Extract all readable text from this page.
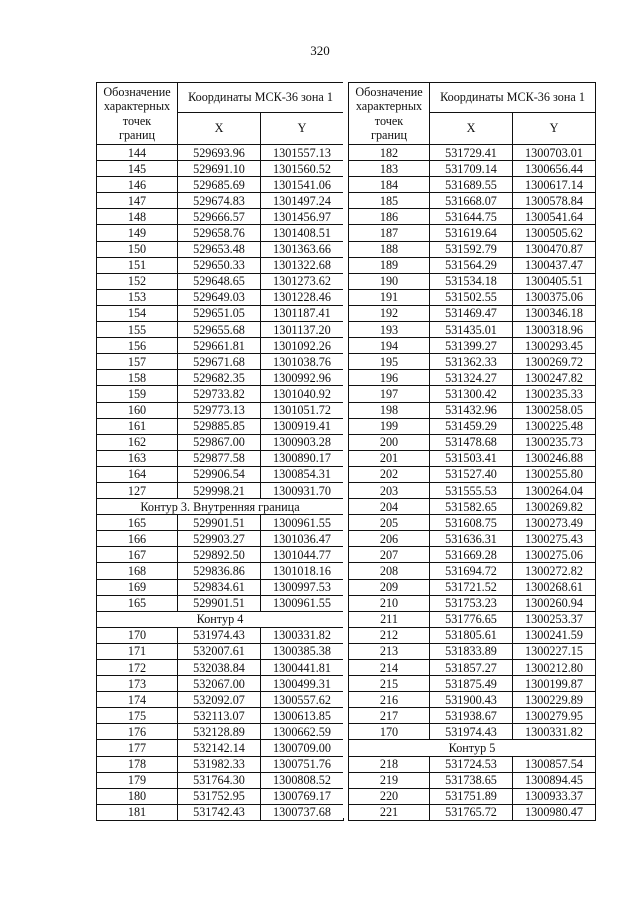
320
Обозначение
характерных
точек
границ	Координаты МСК-36 зона 1	
	X	Y
144	529693.96	1301557.13
145	529691.10	1301560.52
146	529685.69	1301541.06
147	529674.83	1301497.24
148	529666.57	1301456.97
149	529658.76	1301408.51
150	529653.48	1301363.66
151	529650.33	1301322.68
152	529648.65	1301273.62
153	529649.03	1301228.46
154	529651.05	1301187.41
155	529655.68	1301137.20
156	529661.81	1301092.26
157	529671.68	1301038.76
158	529682.35	1300992.96
159	529733.82	1301040.92
160	529773.13	1301051.72
161	529885.85	1300919.41
162	529867.00	1300903.28
163	529877.58	1300890.17
164	529906.54	1300854.31
127	529998.21	1300931.70
Контур 3. Внутренняя граница		
165	529901.51	1300961.55
166	529903.27	1301036.47
167	529892.50	1301044.77
168	529836.86	1301018.16
169	529834.61	1300997.53
165	529901.51	1300961.55
Контур 4		
170	531974.43	1300331.82
171	532007.61	1300385.38
172	532038.84	1300441.81
173	532067.00	1300499.31
174	532092.07	1300557.62
175	532113.07	1300613.85
176	532128.89	1300662.59
177	532142.14	1300709.00
178	531982.33	1300751.76
179	531764.30	1300808.52
180	531752.95	1300769.17
181	531742.43	1300737.68
Обозначение
характерных
точек
границ	Координаты МСК-36 зона 1	
	X	Y
182	531729.41	1300703.01
183	531709.14	1300656.44
184	531689.55	1300617.14
185	531668.07	1300578.84
186	531644.75	1300541.64
187	531619.64	1300505.62
188	531592.79	1300470.87
189	531564.29	1300437.47
190	531534.18	1300405.51
191	531502.55	1300375.06
192	531469.47	1300346.18
193	531435.01	1300318.96
194	531399.27	1300293.45
195	531362.33	1300269.72
196	531324.27	1300247.82
197	531300.42	1300235.33
198	531432.96	1300258.05
199	531459.29	1300225.48
200	531478.68	1300235.73
201	531503.41	1300246.88
202	531527.40	1300255.80
203	531555.53	1300264.04
204	531582.65	1300269.82
205	531608.75	1300273.49
206	531636.31	1300275.43
207	531669.28	1300275.06
208	531694.72	1300272.82
209	531721.52	1300268.61
210	531753.23	1300260.94
211	531776.65	1300253.37
212	531805.61	1300241.59
213	531833.89	1300227.15
214	531857.27	1300212.80
215	531875.49	1300199.87
216	531900.43	1300229.89
217	531938.67	1300279.95
170	531974.43	1300331.82
Контур 5		
218	531724.53	1300857.54
219	531738.65	1300894.45
220	531751.89	1300933.37
221	531765.72	1300980.47
